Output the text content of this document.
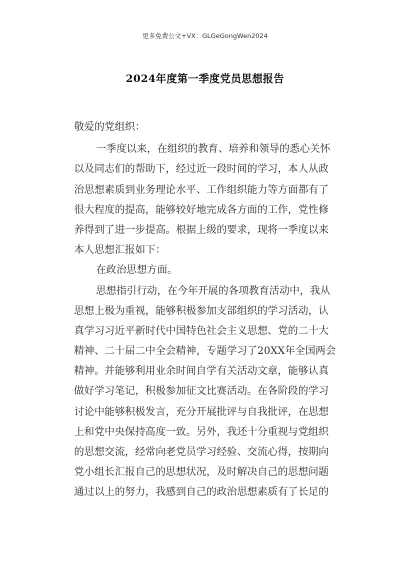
更多免费公文+VX：GLGeGongWen2024
2024年度第一季度党员思想报告
敬爱的党组织：
一季度以来，在组织的教育、培养和领导的悉心关怀
以及同志们的帮助下，经过近一段时间的学习，本人从政
治思想素质到业务理论水平、工作组织能力等方面都有了
很大程度的提高，能够较好地完成各方面的工作，党性修
养得到了进一步提高。根据上级的要求，现将一季度以来
本人思想汇报如下：
在政治思想方面。
思想指引行动，在今年开展的各项教育活动中，我从
思想上极为重视，能够积极参加支部组织的学习活动，认
真学习习近平新时代中国特色社会主义思想、党的二十大
精神、二十届二中全会精神，专题学习了20XX年全国两会
精神。并能够利用业余时间自学有关活动文章，能够认真
做好学习笔记，积极参加征文比赛活动。在各阶段的学习
讨论中能够积极发言，充分开展批评与自我批评，在思想
上和党中央保持高度一致。另外，我还十分重视与党组织
的思想交流，经常向老党员学习经验、交流心得，按期向
党小组长汇报自己的思想状况，及时解决自己的思想问题
通过以上的努力，我感到自己的政治思想素质有了长足的
